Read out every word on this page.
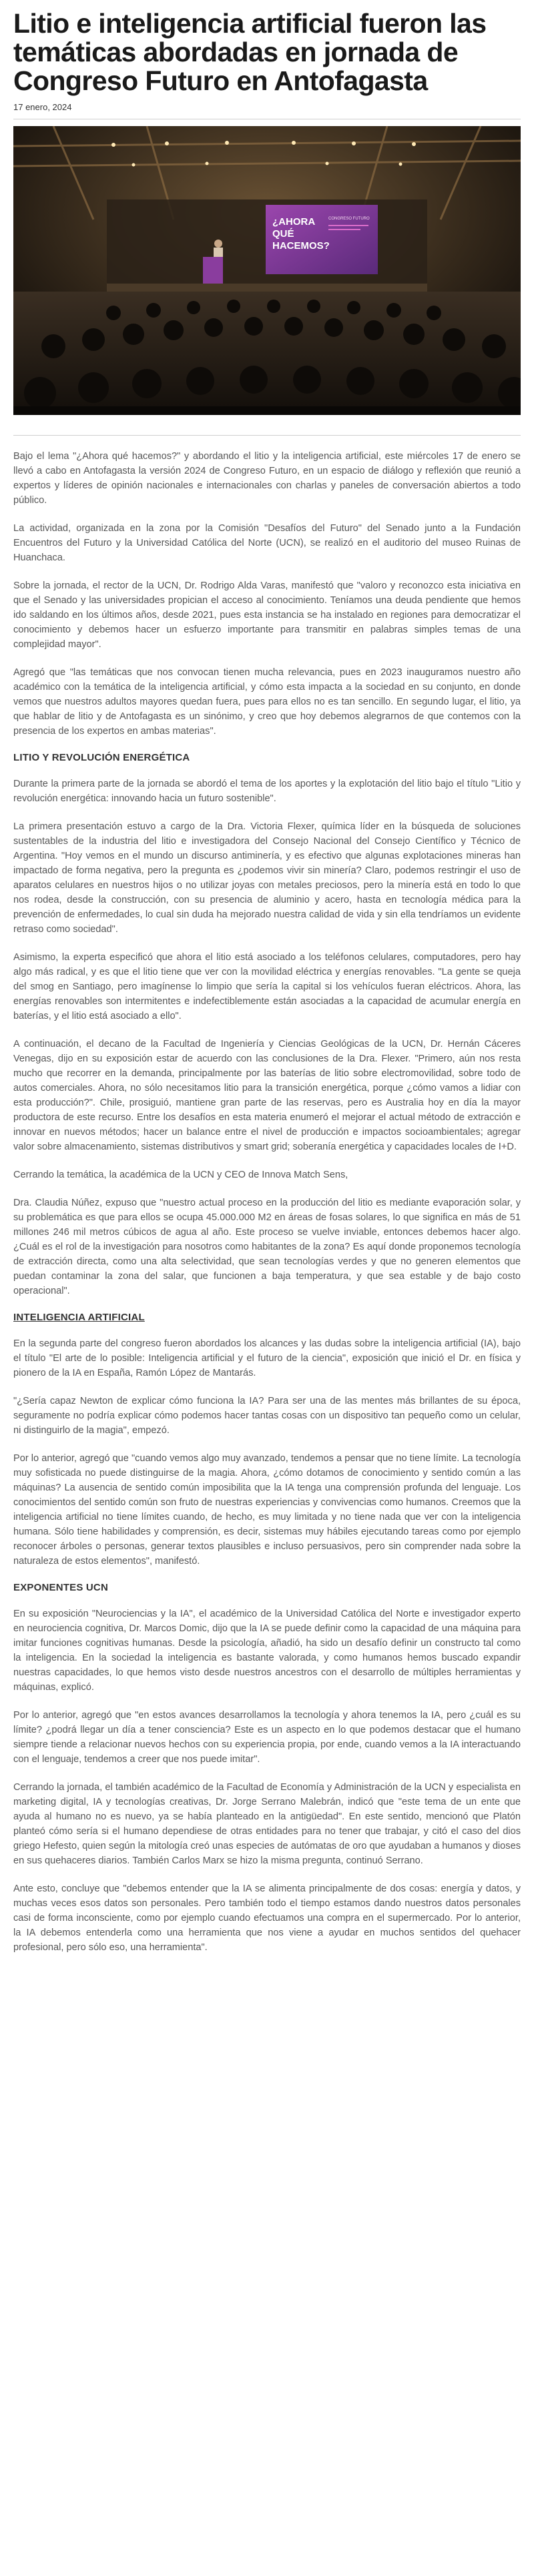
Litio e inteligencia artificial fueron las temáticas abordadas en jornada de Congreso Futuro en Antofagasta
17 enero, 2024
¿AHORA
QUÉ
HACEMOS?
CONGRESO FUTURO

Bajo el lema "¿Ahora qué hacemos?" y abordando el litio y la inteligencia artificial, este miércoles 17 de enero se llevó a cabo en Antofagasta la versión 2024 de Congreso Futuro, en un espacio de diálogo y reflexión que reunió a expertos y líderes de opinión nacionales e internacionales con charlas y paneles de conversación abiertos a todo público.

La actividad, organizada en la zona por la Comisión "Desafíos del Futuro" del Senado junto a la Fundación Encuentros del Futuro y la Universidad Católica del Norte (UCN), se realizó en el auditorio del museo Ruinas de Huanchaca.

Sobre la jornada, el rector de la UCN, Dr. Rodrigo Alda Varas, manifestó que "valoro y reconozco esta iniciativa en que el Senado y las universidades propician el acceso al conocimiento. Teníamos una deuda pendiente que hemos ido saldando en los últimos años, desde 2021, pues esta instancia se ha instalado en regiones para democratizar el conocimiento y debemos hacer un esfuerzo importante para transmitir en palabras simples temas de una complejidad mayor".

Agregó que "las temáticas que nos convocan tienen mucha relevancia, pues en 2023 inauguramos nuestro año académico con la temática de la inteligencia artificial, y cómo esta impacta a la sociedad en su conjunto, en donde vemos que nuestros adultos mayores quedan fuera, pues para ellos no es tan sencillo. En segundo lugar, el litio, ya que hablar de litio y de Antofagasta es un sinónimo, y creo que hoy debemos alegrarnos de que contemos con la presencia de los expertos en ambas materias".

LITIO Y REVOLUCIÓN ENERGÉTICA

Durante la primera parte de la jornada se abordó el tema de los aportes y la explotación del litio bajo el título "Litio y revolución energética: innovando hacia un futuro sostenible".

La primera presentación estuvo a cargo de la Dra. Victoria Flexer, química líder en la búsqueda de soluciones sustentables de la industria del litio e investigadora del Consejo Nacional del Consejo Científico y Técnico de Argentina. "Hoy vemos en el mundo un discurso antiminería, y es efectivo que algunas explotaciones mineras han impactado de forma negativa, pero la pregunta es ¿podemos vivir sin minería? Claro, podemos restringir el uso de aparatos celulares en nuestros hijos o no utilizar joyas con metales preciosos, pero la minería está en todo lo que nos rodea, desde la construcción, con su presencia de aluminio y acero, hasta en tecnología médica para la prevención de enfermedades, lo cual sin duda ha mejorado nuestra calidad de vida y sin ella tendríamos un evidente retraso como sociedad".

Asimismo, la experta especificó que ahora el litio está asociado a los teléfonos celulares, computadores, pero hay algo más radical, y es que el litio tiene que ver con la movilidad eléctrica y energías renovables. "La gente se queja del smog en Santiago, pero imagínense lo limpio que sería la capital si los vehículos fueran eléctricos. Ahora, las energías renovables son intermitentes e indefectiblemente están asociadas a la capacidad de acumular energía en baterías, y el litio está asociado a ello".

A continuación, el decano de la Facultad de Ingeniería y Ciencias Geológicas de la UCN, Dr. Hernán Cáceres Venegas, dijo en su exposición estar de acuerdo con las conclusiones de la Dra. Flexer. "Primero, aún nos resta mucho que recorrer en la demanda, principalmente por las baterías de litio sobre electromovilidad, sobre todo de autos comerciales. Ahora, no sólo necesitamos litio para la transición energética, porque ¿cómo vamos a lidiar con esta producción?". Chile, prosiguió, mantiene gran parte de las reservas, pero es Australia hoy en día la mayor productora de este recurso. Entre los desafíos en esta materia enumeró el mejorar el actual método de extracción e innovar en nuevos métodos; hacer un balance entre el nivel de producción e impactos socioambientales; agregar valor sobre almacenamiento, sistemas distributivos y smart grid; soberanía energética y capacidades locales de I+D.

Cerrando la temática, la académica de la UCN y CEO de Innova Match Sens,

Dra. Claudia Núñez, expuso que "nuestro actual proceso en la producción del litio es mediante evaporación solar, y su problemática es que para ellos se ocupa 45.000.000 M2 en áreas de fosas solares, lo que significa en más de 51 millones 246 mil metros cúbicos de agua al año. Este proceso se vuelve inviable, entonces debemos hacer algo. ¿Cuál es el rol de la investigación para nosotros como habitantes de la zona? Es aquí donde proponemos tecnología de extracción directa, como una alta selectividad, que sean tecnologías verdes y que no generen elementos que puedan contaminar la zona del salar, que funcionen a baja temperatura, y que sea estable y de bajo costo operacional".

INTELIGENCIA ARTIFICIAL

En la segunda parte del congreso fueron abordados los alcances y las dudas sobre la inteligencia artificial (IA), bajo el título "El arte de lo posible: Inteligencia artificial y el futuro de la ciencia", exposición que inició el Dr. en física y pionero de la IA en España, Ramón López de Mantarás.

"¿Sería capaz Newton de explicar cómo funciona la IA? Para ser una de las mentes más brillantes de su época, seguramente no podría explicar cómo podemos hacer tantas cosas con un dispositivo tan pequeño como un celular, ni distinguirlo de la magia", empezó.

Por lo anterior, agregó que "cuando vemos algo muy avanzado, tendemos a pensar que no tiene límite. La tecnología muy sofisticada no puede distinguirse de la magia. Ahora, ¿cómo dotamos de conocimiento y sentido común a las máquinas? La ausencia de sentido común imposibilita que la IA tenga una comprensión profunda del lenguaje. Los conocimientos del sentido común son fruto de nuestras experiencias y convivencias como humanos. Creemos que la inteligencia artificial no tiene límites cuando, de hecho, es muy limitada y no tiene nada que ver con la inteligencia humana. Sólo tiene habilidades y comprensión, es decir, sistemas muy hábiles ejecutando tareas como por ejemplo reconocer árboles o personas, generar textos plausibles e incluso persuasivos, pero sin comprender nada sobre la naturaleza de estos elementos", manifestó.

EXPONENTES UCN

En su exposición "Neurociencias y la IA", el académico de la Universidad Católica del Norte e investigador experto en neurociencia cognitiva, Dr. Marcos Domic, dijo que la IA se puede definir como la capacidad de una máquina para imitar funciones cognitivas humanas. Desde la psicología, añadió, ha sido un desafío definir un constructo tal como la inteligencia. En la sociedad la inteligencia es bastante valorada, y como humanos hemos buscado expandir nuestras capacidades, lo que hemos visto desde nuestros ancestros con el desarrollo de múltiples herramientas y máquinas, explicó.

Por lo anterior, agregó que "en estos avances desarrollamos la tecnología y ahora tenemos la IA, pero ¿cuál es su límite? ¿podrá llegar un día a tener consciencia? Este es un aspecto en lo que podemos destacar que el humano siempre tiende a relacionar nuevos hechos con su experiencia propia, por ende, cuando vemos a la IA interactuando con el lenguaje, tendemos a creer que nos puede imitar".

Cerrando la jornada, el también académico de la Facultad de Economía y Administración de la UCN y especialista en marketing digital, IA y tecnologías creativas, Dr. Jorge Serrano Malebrán, indicó que "este tema de un ente que ayuda al humano no es nuevo, ya se había planteado en la antigüedad". En este sentido, mencionó que Platón planteó cómo sería si el humano dependiese de otras entidades para no tener que trabajar, y citó el caso del dios griego Hefesto, quien según la mitología creó unas especies de autómatas de oro que ayudaban a humanos y dioses en sus quehaceres diarios. También Carlos Marx se hizo la misma pregunta, continuó Serrano.

Ante esto, concluye que "debemos entender que la IA se alimenta principalmente de dos cosas: energía y datos, y muchas veces esos datos son personales. Pero también todo el tiempo estamos dando nuestros datos personales casi de forma inconsciente, como por ejemplo cuando efectuamos una compra en el supermercado. Por lo anterior, la IA debemos entenderla como una herramienta que nos viene a ayudar en muchos sentidos del quehacer profesional, pero sólo eso, una herramienta".
